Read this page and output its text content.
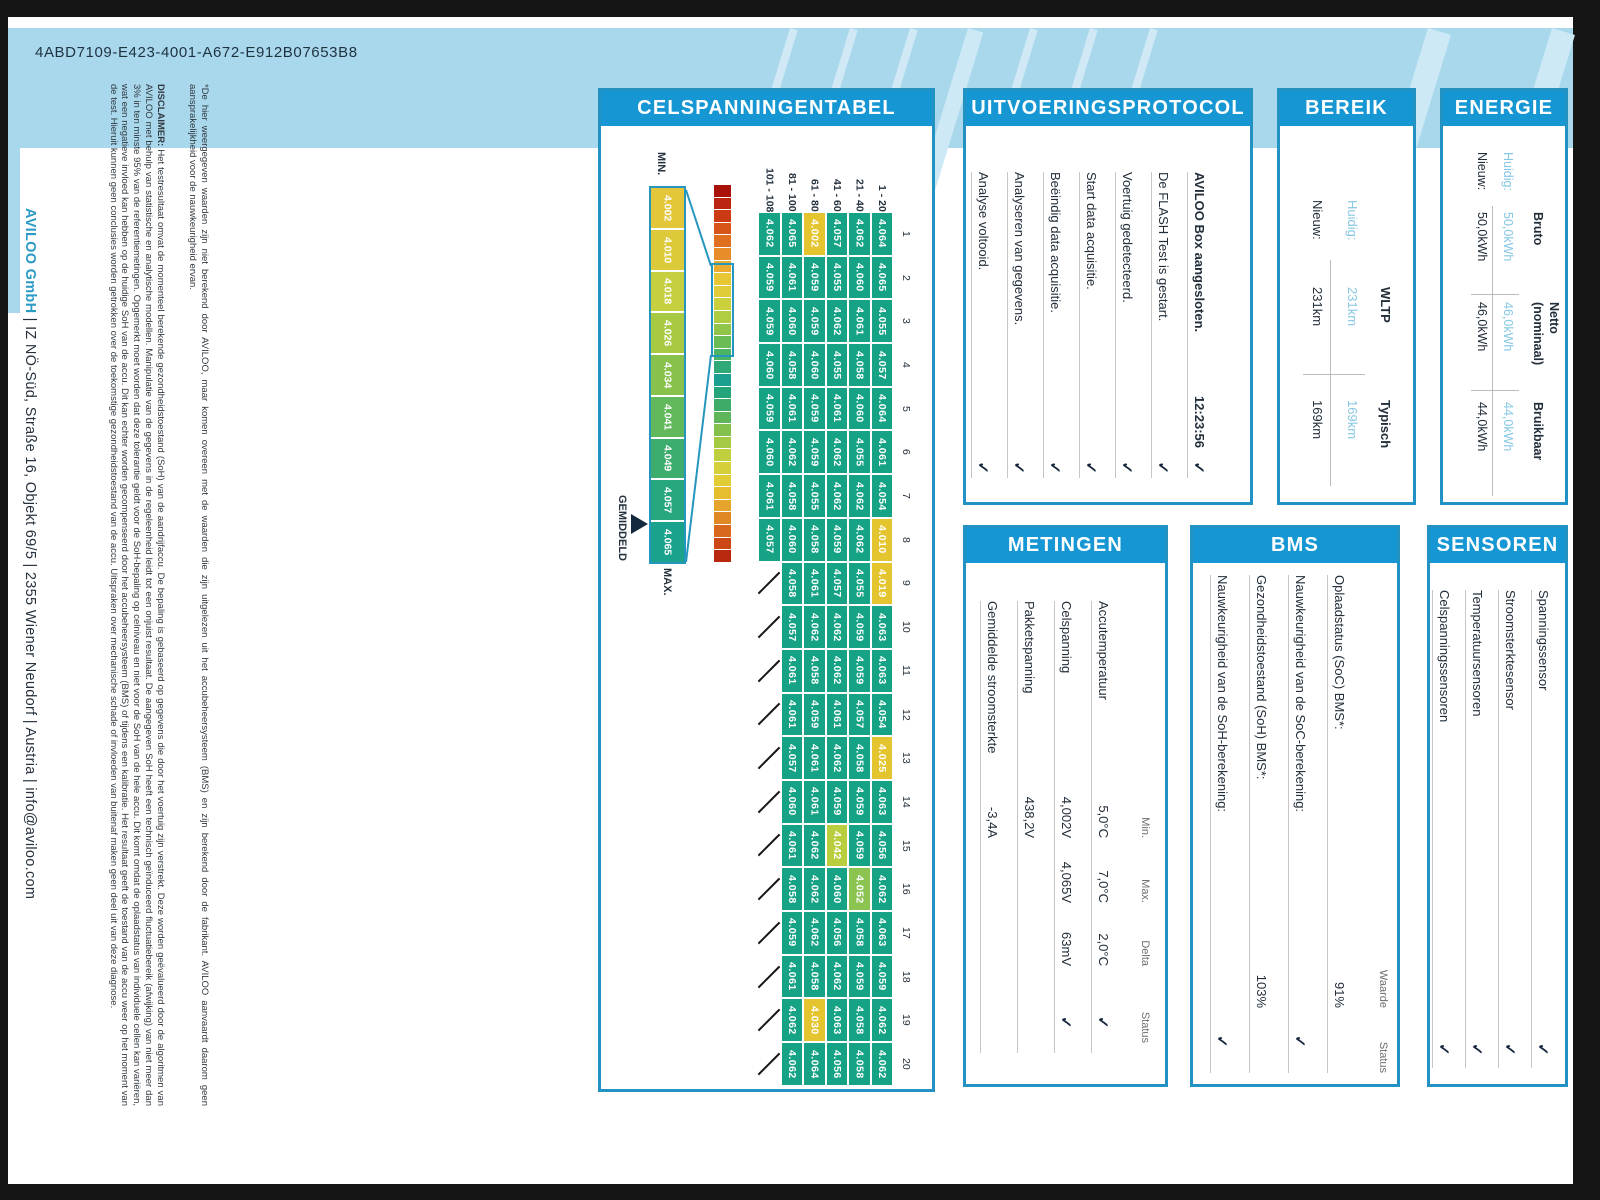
4ABD7109-E423-4001-A672-E912B07653B8

*De hier weergegeven waarden zijn niet berekend door AVILOO, maar komen overeen met de waarden die zijn uitgelezen uit het accubeheersysteem (BMS) en zijn berekend door de fabrikant. AVILOO aanvaardt daarom geen aansprakelijkheid voor de nauwkeurigheid ervan.

DISCLAIMER: Het testresultaat omvat de momenteel berekende gezondheidstoestand (SoH) van de aandrijfaccu. De bepaling is gebaseerd op gegevens die door het voertuig zijn verstrekt. Deze worden geëvalueerd door de algoritmen van AVILOO met behulp van statistische en analytische modellen. Manipulatie van de gegevens in de regeleenheid leidt tot een onjuist resultaat. De aangegeven SoH heeft een technisch geïnduceerd fluctuatiebereik (afwijking) van niet meer dan 3% in ten minste 95% van de referentiemetingen. Opgemerkt moet worden dat deze tolerantie geldt voor de SoH-bepaling op celniveau en niet voor de SoH van de hele accu. Dit komt omdat de oplaadstatus van individuele cellen kan variëren, wat een negatieve invloed kan hebben op de huidige SoH van de accu. Dit kan echter worden gecompenseerd door het accubeheersysteem (BMS) of tijdens een kalibratie. Het resultaat geeft de toestand van de accu weer op het moment van de test. Hieruit kunnen geen conclusies worden getrokken over de toekomstige gezondheidstoestand van de accu. Uitspraken over mechanische schade of invloeden van buitenaf maken geen deel uit van deze diagnose.

AVILOO GmbH | IZ NÖ-Süd, Straße 16, Objekt 69/5 | 2355 Wiener Neudorf | Austria | info@aviloo.com
CELSPANNINGENTABEL
MIN.
MAX.
GEMIDDELD
4.002
4.010
4.018
4.026
4.034
4.041
4.049
4.057
4.065
101 - 108 81 - 100 61 - 80 41 - 60 21 - 40 1 - 20
4.062
4.059
4.059
4.060
4.059
4.060
4.061
4.057
4.065
4.061
4.060
4.058
4.061
4.062
4.058
4.060
4.058
4.057
4.061
4.061
4.057
4.060
4.061
4.058
4.059
4.061
4.062
4.062
4.002
4.059
4.059
4.060
4.059
4.059
4.055
4.058
4.061
4.062
4.058
4.059
4.061
4.061
4.062
4.062
4.062
4.058
4.030
4.064
4.057
4.055
4.062
4.055
4.061
4.062
4.062
4.059
4.057
4.062
4.062
4.061
4.062
4.059
4.042
4.060
4.056
4.062
4.063
4.056
4.062
4.060
4.061
4.058
4.060
4.055
4.062
4.062
4.055
4.059
4.059
4.057
4.058
4.059
4.059
4.052
4.058
4.059
4.058
4.058
4.064
4.065
4.055
4.057
4.064
4.061
4.054
4.010
4.019
4.063
4.063
4.054
4.025
4.063
4.056
4.062
4.063
4.059
4.062
4.062
1
2
3
4
5
6
7
8
9
10
11
12
13
14
15
16
17
18
19
20
UITVOERINGSPROTOCOL
AVILOO Box aangesloten.
12:23:56
✓
De FLASH Test is gestart.
✓
Voertuig gedetecteerd.
✓
Start data acquisitie.
✓
Beëindig data acquisitie.
✓
Analyseren van gegevens.
✓
Analyse voltooid.
✓
BEREIK
WLTP
Typisch
Huidig:
231km
169km
Nieuw:
231km
169km
ENERGIE
Bruto
Netto
(nominaal)
Bruikbaar
Huidig:
50,0kWh
46,0kWh
44,0kWh
Nieuw:
50,0kWh
46,0kWh
44,0kWh
METINGEN
Min.
Max.
Delta
Status
Accutemperatuur
5,0°C
7,0°C
2,0°C
✓
Celspanning
4,002V
4,065V
63mV
✓
Pakketspanning
438,2V
Gemiddelde stroomsterkte
-3,4A
BMS
Waarde
Status
Oplaadstatus (SoC) BMS*:
91%
Nauwkeurigheid van de SoC-berekening:
✓
Gezondheidstoestand (SoH) BMS*:
103%
Nauwkeurigheid van de SoH-berekening:
✓
SENSOREN
Spanningssensor
✓
Stroomsterktesensor
✓
Temperatuursensoren
✓
Celspanningssensoren
✓
